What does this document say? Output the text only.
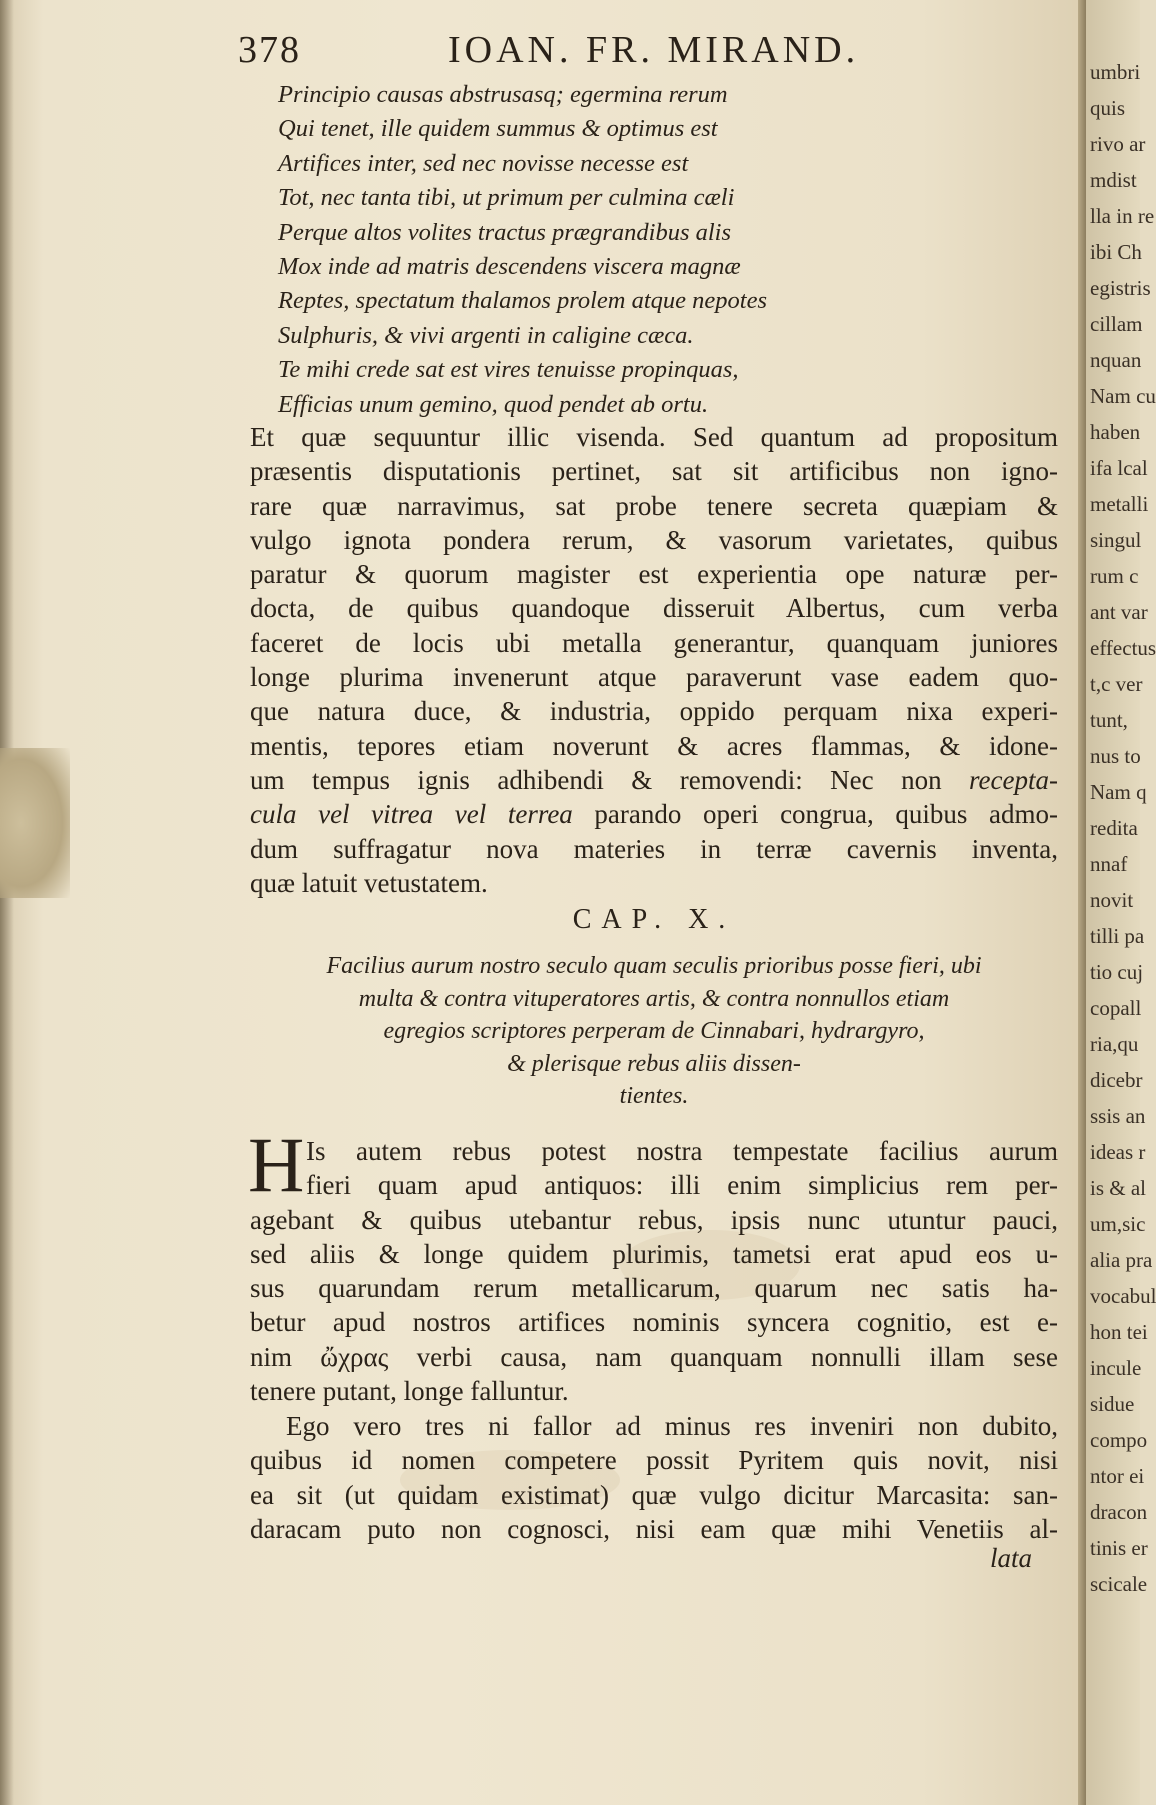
umbri
quis
rivo ar
mdist
lla in re
ibi Ch
egistris
cillam
nquan
Nam cu
haben
ifa lcal
metalli
singul
rum c
ant var
effectus
t,c ver
tunt,
nus to
Nam q
redita
nnaf
novit
tilli pa
tio cuj
copall
ria,qu
dicebr
ssis an
ideas r
is & al
um,sic
alia pra
vocabul
hon tei
incule
sidue
compo
ntor ei
dracon
tinis er
scicale
378	IOAN. FR. MIRAND.
Principio causas abstrusasq; egermina rerum
Qui tenet, ille quidem summus & optimus est
Artifices inter, sed nec novisse necesse est
Tot, nec tanta tibi, ut primum per culmina cæli
Perque altos volites tractus prægrandibus alis
Mox inde ad matris descendens viscera magnæ
Reptes, spectatum thalamos prolem atque nepotes
Sulphuris, & vivi argenti in caligine cæca.
Te mihi crede sat est vires tenuisse propinquas,
Efficias unum gemino, quod pendet ab ortu.
Et quæ sequuntur illic visenda. Sed quantum ad propositum
præsentis disputationis pertinet, sat sit artificibus non igno-
rare quæ narravimus, sat probe tenere secreta quæpiam &
vulgo ignota pondera rerum, & vasorum varietates, quibus
paratur & quorum magister est experientia ope naturæ per-
docta, de quibus quandoque disseruit Albertus, cum verba
faceret de locis ubi metalla generantur, quanquam juniores
longe plurima invenerunt atque paraverunt vase eadem quo-
que natura duce, & industria, oppido perquam nixa experi-
mentis, tepores etiam noverunt & acres flammas, & idone-
um tempus ignis adhibendi & removendi: Nec non recepta-
cula vel vitrea vel terrea parando operi congrua, quibus admo-
dum suffragatur nova materies in terræ cavernis inventa,
quæ latuit vetustatem.
CAP. X.
Facilius aurum nostro seculo quam seculis prioribus posse fieri, ubi
multa & contra vituperatores artis, & contra nonnullos etiam
egregios scriptores perperam de Cinnabari, hydrargyro,
& plerisque rebus aliis dissen-
tientes.
H Is autem rebus potest nostra tempestate facilius aurum
fieri quam apud antiquos: illi enim simplicius rem per-
agebant & quibus utebantur rebus, ipsis nunc utuntur pauci,
sed aliis & longe quidem plurimis, tametsi erat apud eos u-
sus quarundam rerum metallicarum, quarum nec satis ha-
betur apud nostros artifices nominis syncera cognitio, est e-
nim ὤχρας verbi causa, nam quanquam nonnulli illam sese
tenere putant, longe falluntur.
Ego vero tres ni fallor ad minus res inveniri non dubito,
quibus id nomen competere possit Pyritem quis novit, nisi
ea sit (ut quidam existimat) quæ vulgo dicitur Marcasita: san-
daracam puto non cognosci, nisi eam quæ mihi Venetiis al-
lata
